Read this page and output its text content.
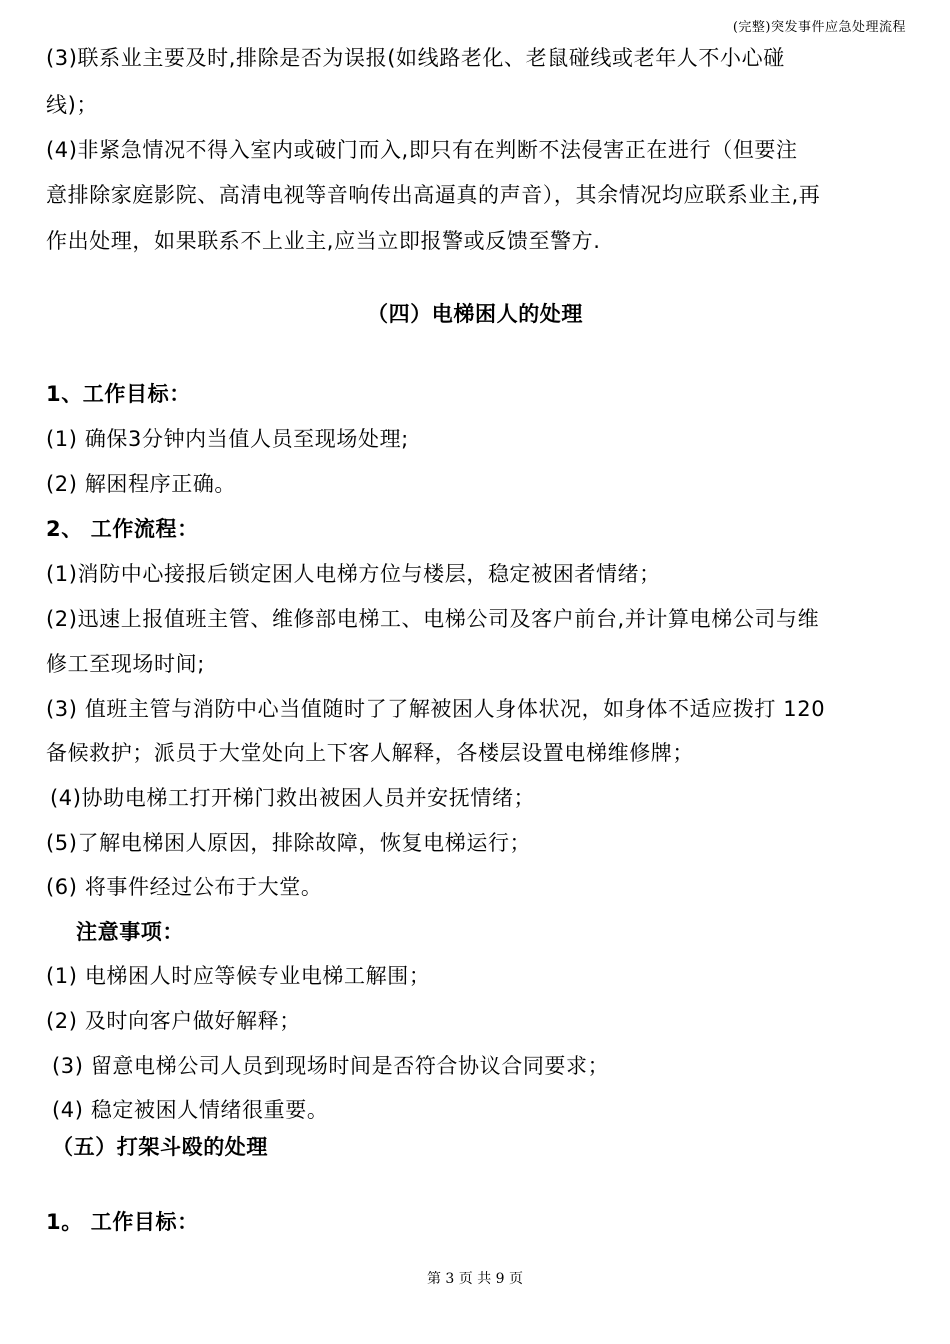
(完整)突发事件应急处理流程
(3)联系业主要及时,排除是否为误报(如线路老化、老鼠碰线或老年人不小心碰
线)；
(4)非紧急情况不得入室内或破门而入,即只有在判断不法侵害正在进行（但要注
意排除家庭影院、高清电视等音响传出高逼真的声音），其余情况均应联系业主,再
作出处理，如果联系不上业主,应当立即报警或反馈至警方.
（四）电梯困人的处理
1、工作目标：
(1) 确保3分钟内当值人员至现场处理;
(2) 解困程序正确。
2、 工作流程：
(1)消防中心接报后锁定困人电梯方位与楼层，稳定被困者情绪；
(2)迅速上报值班主管、维修部电梯工、电梯公司及客户前台,并计算电梯公司与维
修工至现场时间;
(3) 值班主管与消防中心当值随时了了解被困人身体状况，如身体不适应拨打 120
备候救护；派员于大堂处向上下客人解释，各楼层设置电梯维修牌；
(4)协助电梯工打开梯门救出被困人员并安抚情绪；
(5)了解电梯困人原因，排除故障，恢复电梯运行；
(6) 将事件经过公布于大堂。
注意事项：
(1) 电梯困人时应等候专业电梯工解围；
(2) 及时向客户做好解释；
(3) 留意电梯公司人员到现场时间是否符合协议合同要求；
(4) 稳定被困人情绪很重要。
（五）打架斗殴的处理
1。 工作目标：
第 3 页 共 9 页
